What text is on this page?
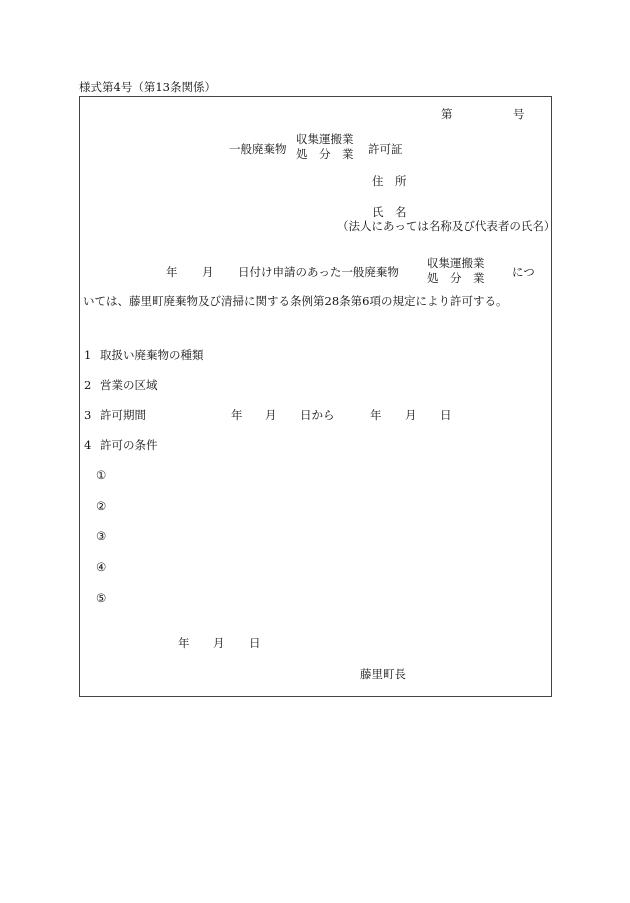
様式第4号（第13条関係）
第	号
一般廃棄物
収集運搬業
処　分　業 許可証
住　所
氏　名
（法人にあっては名称及び代表者の氏名）
年 月 日付け申請のあった一般廃棄物
収集運搬業
処　分　業 につ
いては、藤里町廃棄物及び清掃に関する条例第28条第6項の規定により許可する。
1 取扱い廃棄物の種類
2 営業の区域
3 許可期間	年 月 日から	年 月 日
4 許可の条件
①
②
③
④
⑤
年 月 日
藤里町長
